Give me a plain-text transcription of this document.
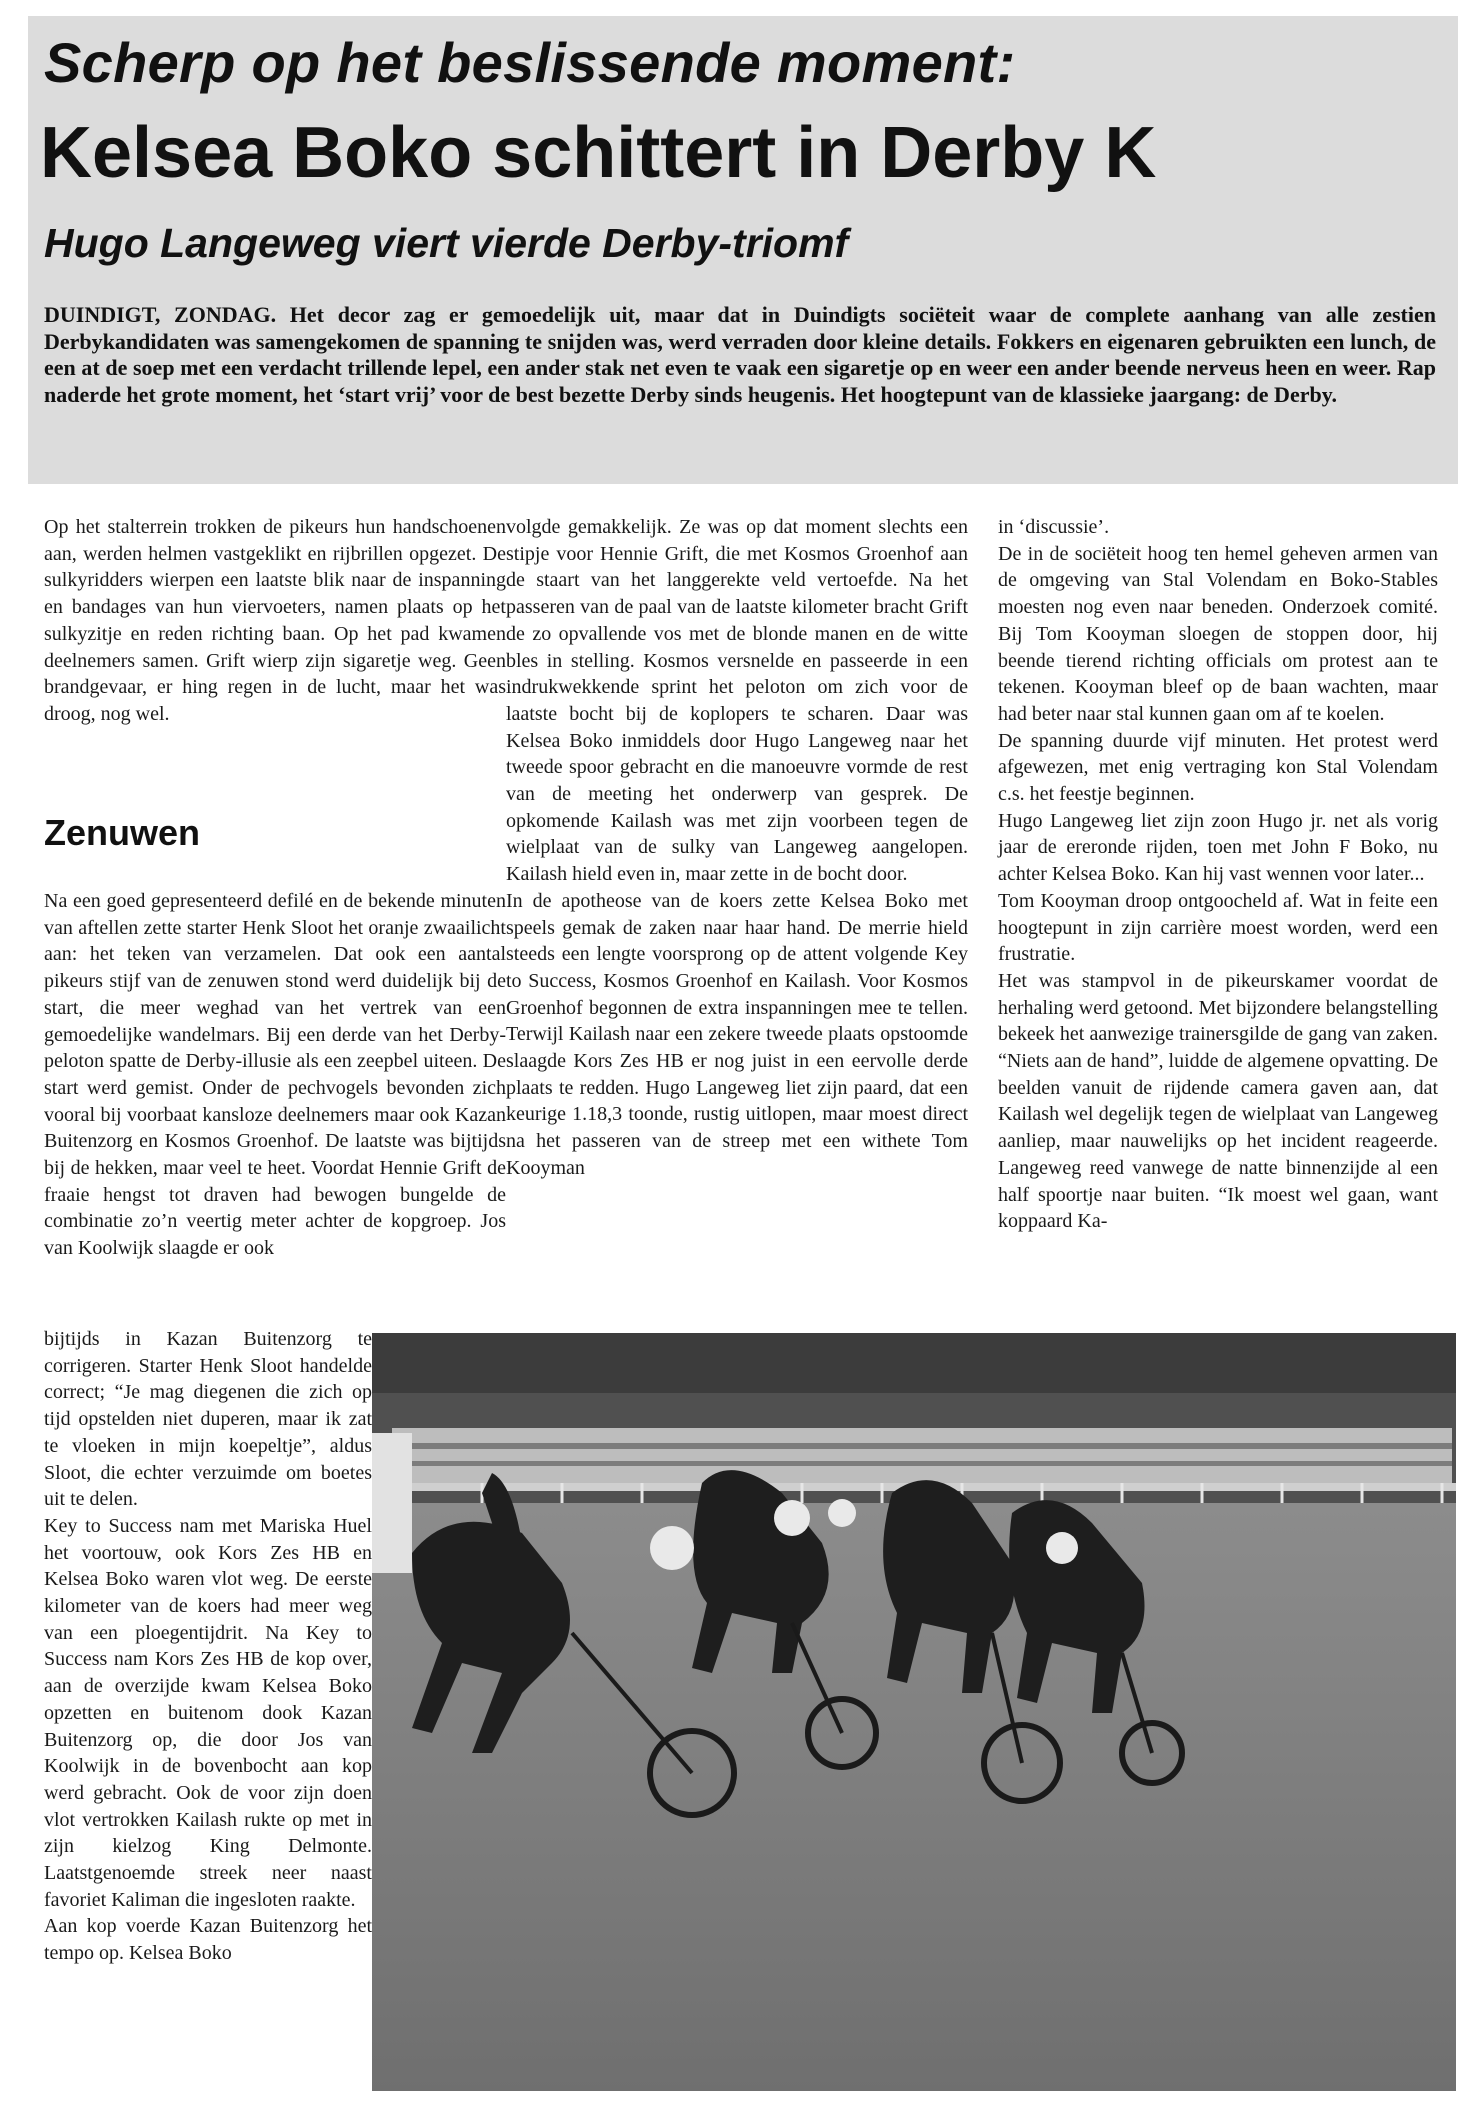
Scherp op het beslissende moment:
Kelsea Boko schittert in Derby K
Hugo Langeweg viert vierde Derby-triomf

DUINDIGT, ZONDAG. Het decor zag er gemoedelijk uit, maar dat in Duindigts sociëteit waar de complete aanhang van alle zestien Derbykandidaten was samengekomen de spanning te snijden was, werd verraden door kleine details. Fokkers en eigenaren gebruikten een lunch, de een at de soep met een verdacht trillende lepel, een ander stak net even te vaak een sigaretje op en weer een ander beende nerveus heen en weer. Rap naderde het grote moment, het ‘start vrij’ voor de best bezette Derby sinds heugenis. Het hoogtepunt van de klassieke jaargang: de Derby.

Op het stalterrein trokken de pikeurs hun handschoenen aan, werden helmen vastgeklikt en rijbrillen opgezet. De sulkyridders wierpen een laatste blik naar de inspanning en bandages van hun viervoeters, namen plaats op het sulkyzitje en reden richting baan. Op het pad kwamen deelnemers samen. Grift wierp zijn sigaretje weg. Geen brandgevaar, er hing regen in de lucht, maar het was droog, nog wel.

Zenuwen

Na een goed gepresenteerd defilé en de bekende minuten van aftellen zette starter Henk Sloot het oranje zwaailicht aan: het teken van verzamelen. Dat ook een aantal pikeurs stijf van de zenuwen stond werd duidelijk bij de start, die meer weghad van het vertrek van een gemoedelijke wandelmars. Bij een derde van het Derby-peloton spatte de Derby-illusie als een zeepbel uiteen. De start werd gemist. Onder de pechvogels bevonden zich vooral bij voorbaat kansloze deelnemers maar ook Kazan Buitenzorg en Kosmos Groenhof. De laatste was bijtijds bij de hekken, maar veel te heet. Voordat Hennie Grift de fraaie hengst tot draven had bewogen bungelde de combinatie zo’n veertig meter achter de kopgroep. Jos van Koolwijk slaagde er ook

bijtijds in Kazan Buitenzorg te corrigeren. Starter Henk Sloot handelde correct; “Je mag diegenen die zich op tijd opstelden niet duperen, maar ik zat te vloeken in mijn koepeltje”, aldus Sloot, die echter verzuimde om boetes uit te delen.

Key to Success nam met Mariska Huel het voortouw, ook Kors Zes HB en Kelsea Boko waren vlot weg. De eerste kilometer van de koers had meer weg van een ploegentijdrit. Na Key to Success nam Kors Zes HB de kop over, aan de overzijde kwam Kelsea Boko opzetten en buitenom dook Kazan Buitenzorg op, die door Jos van Koolwijk in de bovenbocht aan kop werd gebracht. Ook de voor zijn doen vlot vertrokken Kailash rukte op met in zijn kielzog King Delmonte. Laatstgenoemde streek neer naast favoriet Kaliman die ingesloten raakte.

Aan kop voerde Kazan Buitenzorg het tempo op. Kelsea Boko

volgde gemakkelijk. Ze was op dat moment slechts een stipje voor Hennie Grift, die met Kosmos Groenhof aan de staart van het langgerekte veld vertoefde. Na het passeren van de paal van de laatste kilometer bracht Grift de zo opvallende vos met de blonde manen en de witte bles in stelling. Kosmos versnelde en passeerde in een indrukwekkende sprint het peloton om zich voor de laatste bocht bij de koplopers te scharen. Daar was Kelsea Boko inmiddels door Hugo Langeweg naar het tweede spoor gebracht en die manoeuvre vormde de rest van de meeting het onderwerp van gesprek. De opkomende Kailash was met zijn voorbeen tegen de wielplaat van de sulky van Langeweg aangelopen. Kailash hield even in, maar zette in de bocht door.

In de apotheose van de koers zette Kelsea Boko met speels gemak de zaken naar haar hand. De merrie hield steeds een lengte voorsprong op de attent volgende Key to Success, Kosmos Groenhof en Kailash. Voor Kosmos Groenhof begonnen de extra inspanningen mee te tellen. Terwijl Kailash naar een zekere tweede plaats opstoomde slaagde Kors Zes HB er nog juist in een eervolle derde plaats te redden. Hugo Langeweg liet zijn paard, dat een keurige 1.18,3 toonde, rustig uitlopen, maar moest direct na het passeren van de streep met een withete Tom Kooyman

in ‘discussie’.

De in de sociëteit hoog ten hemel geheven armen van de omgeving van Stal Volendam en Boko-Stables moesten nog even naar beneden. Onderzoek comité. Bij Tom Kooyman sloegen de stoppen door, hij beende tierend richting officials om protest aan te tekenen. Kooyman bleef op de baan wachten, maar had beter naar stal kunnen gaan om af te koelen.

De spanning duurde vijf minuten. Het protest werd afgewezen, met enig vertraging kon Stal Volendam c.s. het feestje beginnen.

Hugo Langeweg liet zijn zoon Hugo jr. net als vorig jaar de ereronde rijden, toen met John F Boko, nu achter Kelsea Boko. Kan hij vast wennen voor later...

Tom Kooyman droop ontgoocheld af. Wat in feite een hoogtepunt in zijn carrière moest worden, werd een frustratie.

Het was stampvol in de pikeurskamer voordat de herhaling werd getoond. Met bijzondere belangstelling bekeek het aanwezige trainersgilde de gang van zaken. “Niets aan de hand”, luidde de algemene opvatting. De beelden vanuit de rijdende camera gaven aan, dat Kailash wel degelijk tegen de wielplaat van Langeweg aanliep, maar nauwelijks op het incident reageerde. Langeweg reed vanwege de natte binnenzijde al een half spoortje naar buiten. “Ik moest wel gaan, want koppaard Ka-
